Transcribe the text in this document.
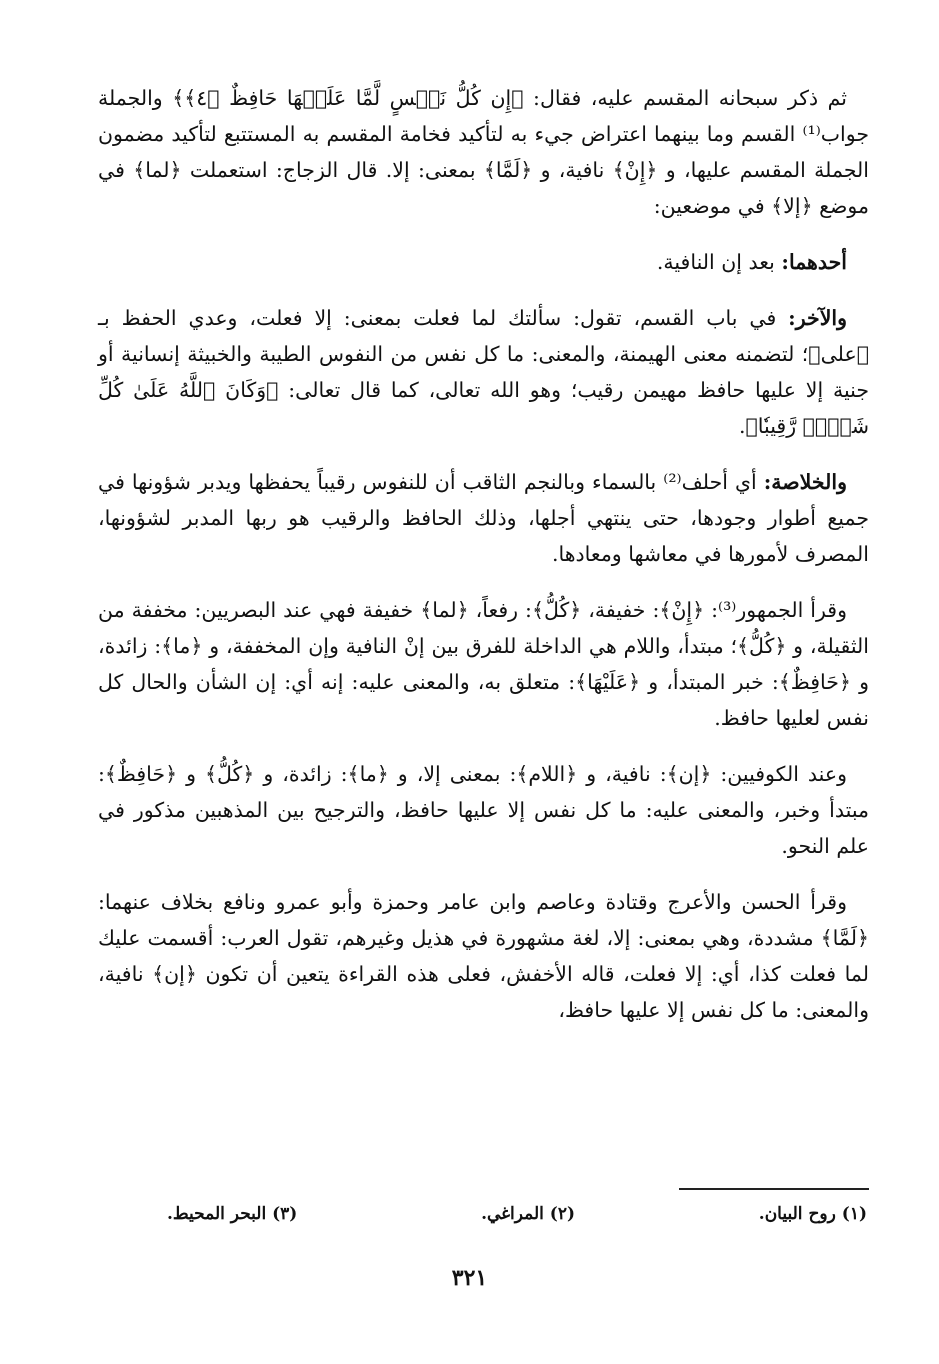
ثم ذكر سبحانه المقسم عليه، فقال: ﴿إِن كُلُّ نَفۡسٍ لَّمَّا عَلَيۡهَا حَافِظٌ ﴿٤﴾﴾ والجملة جواب⁽¹⁾ القسم وما بينهما اعتراض جيء به لتأكيد فخامة المقسم به المستتبع لتأكيد مضمون الجملة المقسم عليها، و ﴿إِنْ﴾ نافية، و ﴿لَمَّا﴾ بمعنى: إلا. قال الزجاج: استعملت ﴿لما﴾ في موضع ﴿إلا﴾ في موضعين:

أحدهما: بعد إن النافية.

والآخر: في باب القسم، تقول: سألتك لما فعلت بمعنى: إلا فعلت، وعدي الحفظ بـ ﴿على﴾؛ لتضمنه معنى الهيمنة، والمعنى: ما كل نفس من النفوس الطيبة والخبيثة إنسانية أو جنية إلا عليها حافظ مهيمن رقيب؛ وهو الله تعالى، كما قال تعالى: ﴿وَكَانَ ٱللَّهُ عَلَىٰ كُلِّ شَيۡءٖ رَّقِيبٗا﴾.

والخلاصة: أي أحلف⁽²⁾ بالسماء وبالنجم الثاقب أن للنفوس رقيباً يحفظها ويدبر شؤونها في جميع أطوار وجودها، حتى ينتهي أجلها، وذلك الحافظ والرقيب هو ربها المدبر لشؤونها، المصرف لأمورها في معاشها ومعادها.

وقرأ الجمهور⁽³⁾: ﴿إِنْ﴾: خفيفة، ﴿كُلُّ﴾: رفعاً، ﴿لما﴾ خفيفة فهي عند البصريين: مخففة من الثقيلة، و ﴿كُلُّ﴾؛ مبتدأ، واللام هي الداخلة للفرق بين إنْ النافية وإن المخففة، و ﴿ما﴾: زائدة، و ﴿حَافِظٌ﴾: خبر المبتدأ، و ﴿عَلَيْهَا﴾: متعلق به، والمعنى عليه: إنه أي: إن الشأن والحال كل نفس لعليها حافظ.

وعند الكوفيين: ﴿إن﴾: نافية، و ﴿اللام﴾: بمعنى إلا، و ﴿ما﴾: زائدة، و ﴿كُلُّ﴾ و ﴿حَافِظٌ﴾: مبتدأ وخبر، والمعنى عليه: ما كل نفس إلا عليها حافظ، والترجيح بين المذهبين مذكور في علم النحو.

وقرأ الحسن والأعرج وقتادة وعاصم وابن عامر وحمزة وأبو عمرو ونافع بخلاف عنهما: ﴿لَمَّا﴾ مشددة، وهي بمعنى: إلا، لغة مشهورة في هذيل وغيرهم، تقول العرب: أقسمت عليك لما فعلت كذا، أي: إلا فعلت، قاله الأخفش، فعلى هذه القراءة يتعين أن تكون ﴿إن﴾ نافية، والمعنى: ما كل نفس إلا عليها حافظ،

(١) روح البيان.
(٢) المراغي.
(٣) البحر المحيط.
٣٢١
